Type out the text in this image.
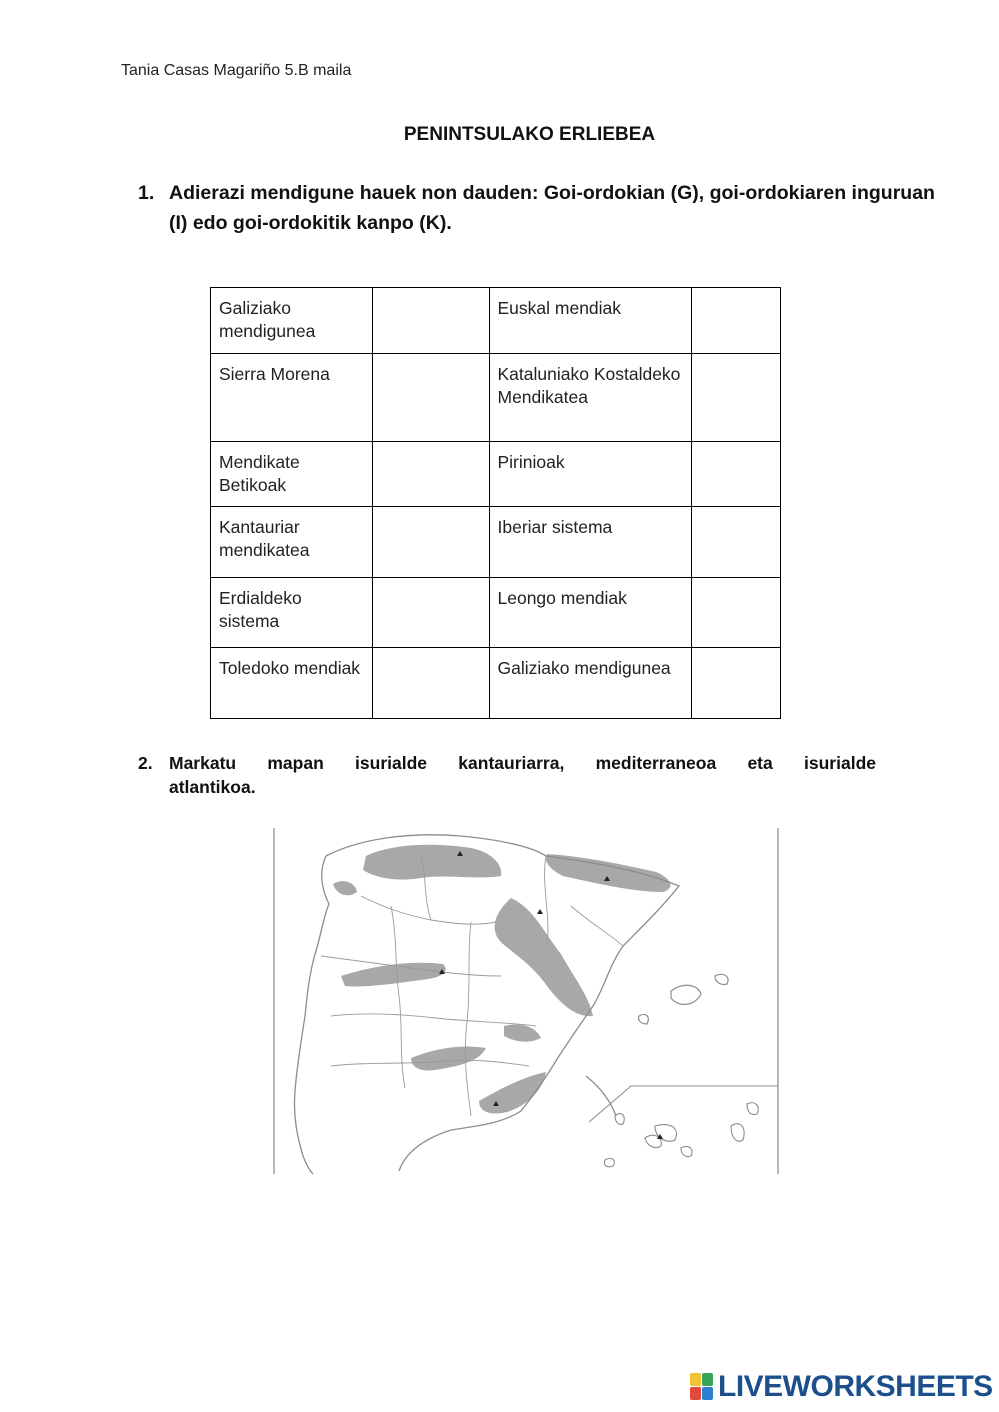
Tania Casas Magariño 5.B maila
PENINTSULAKO ERLIEBEA
1. Adierazi mendigune hauek non dauden: Goi-ordokian (G), goi-ordokiaren inguruan (I) edo goi-ordokitik kanpo (K).
Galiziako mendigunea		Euskal mendiak	
Sierra Morena		Kataluniako Kostaldeko Mendikatea	
Mendikate Betikoak		Pirinioak	
Kantauriar mendikatea		Iberiar sistema	
Erdialdeko sistema		Leongo mendiak	
Toledoko mendiak		Galiziako mendigunea	
2. Markatu mapan isurialde kantauriarra, mediterraneoa eta isurialde
atlantikoa.
LIVEWORKSHEETS
